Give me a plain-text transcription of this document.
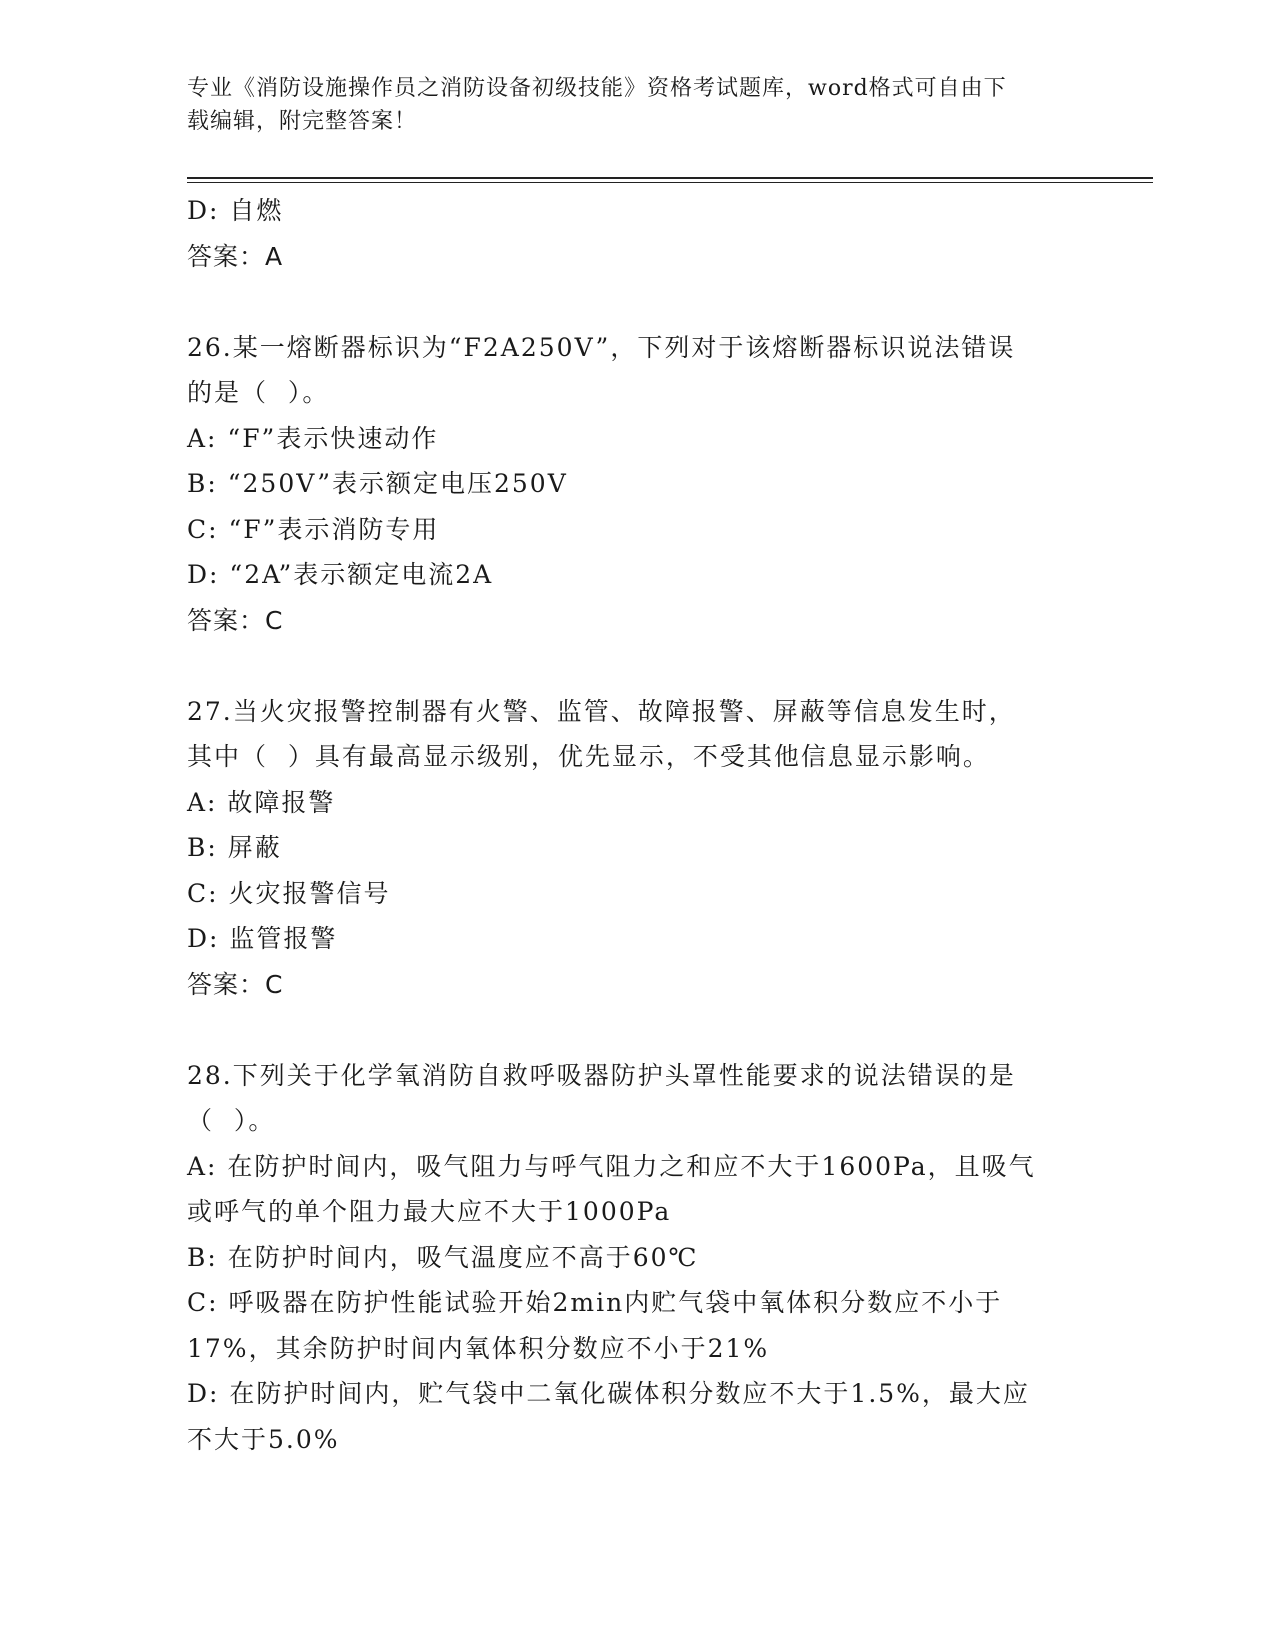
专业《消防设施操作员之消防设备初级技能》资格考试题库，word格式可自由下
载编辑，附完整答案！
D: 自燃
答案：A
26.某一熔断器标识为“F2A250V”，下列对于该熔断器标识说法错误
的是（  ）。
A: “F”表示快速动作
B: “250V”表示额定电压250V
C: “F”表示消防专用
D: “2A”表示额定电流2A
答案：C
27.当火灾报警控制器有火警、监管、故障报警、屏蔽等信息发生时，
其中（  ）具有最高显示级别，优先显示，不受其他信息显示影响。
A: 故障报警
B: 屏蔽
C: 火灾报警信号
D: 监管报警
答案：C
28.下列关于化学氧消防自救呼吸器防护头罩性能要求的说法错误的是
（  ）。
A: 在防护时间内，吸气阻力与呼气阻力之和应不大于1600Pa，且吸气
或呼气的单个阻力最大应不大于1000Pa
B: 在防护时间内，吸气温度应不高于60℃
C: 呼吸器在防护性能试验开始2min内贮气袋中氧体积分数应不小于
17%，其余防护时间内氧体积分数应不小于21%
D: 在防护时间内，贮气袋中二氧化碳体积分数应不大于1.5%，最大应
不大于5.0%
